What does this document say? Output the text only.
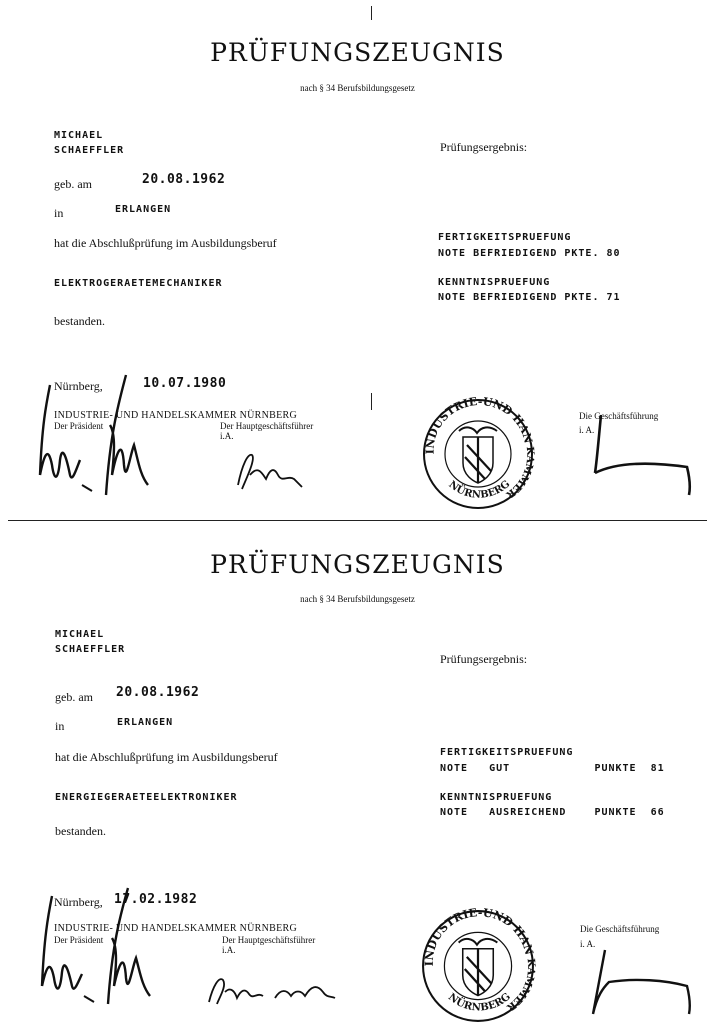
PRÜFUNGSZEUGNIS
nach § 34 Berufsbildungsgesetz
MICHAEL
SCHAEFFLER
geb. am	20.08.1962
in	ERLANGEN
hat die Abschlußprüfung im Ausbildungsberuf
ELEKTROGERAETEMECHANIKER
bestanden.
Prüfungsergebnis:
FERTIGKEITSPRUEFUNG
NOTE BEFRIEDIGEND PKTE. 80
KENNTNISPRUEFUNG
NOTE BEFRIEDIGEND PKTE. 71
Nürnberg,	10.07.1980
INDUSTRIE- UND HANDELSKAMMER NÜRNBERG
Der Präsident	Der Hauptgeschäftsführer
i.A.
Die Geschäftsführung
i. A.
INDUSTRIE-UND HANDELS
KAMMER
NÜRNBERG
PRÜFUNGSZEUGNIS
nach § 34 Berufsbildungsgesetz
MICHAEL
SCHAEFFLER
geb. am 20.08.1962
in	ERLANGEN
hat die Abschlußprüfung im Ausbildungsberuf
ENERGIEGERAETEELEKTRONIKER
bestanden.
Prüfungsergebnis:
FERTIGKEITSPRUEFUNG
NOTE   GUT            PUNKTE  81
KENNTNISPRUEFUNG
NOTE   AUSREICHEND    PUNKTE  66
Nürnberg, 17.02.1982
INDUSTRIE- UND HANDELSKAMMER NÜRNBERG
Der Präsident	Der Hauptgeschäftsführer
i.A.
Die Geschäftsführung
i. A.
INDUSTRIE-UND HANDELS
KAMMER
NÜRNBERG
